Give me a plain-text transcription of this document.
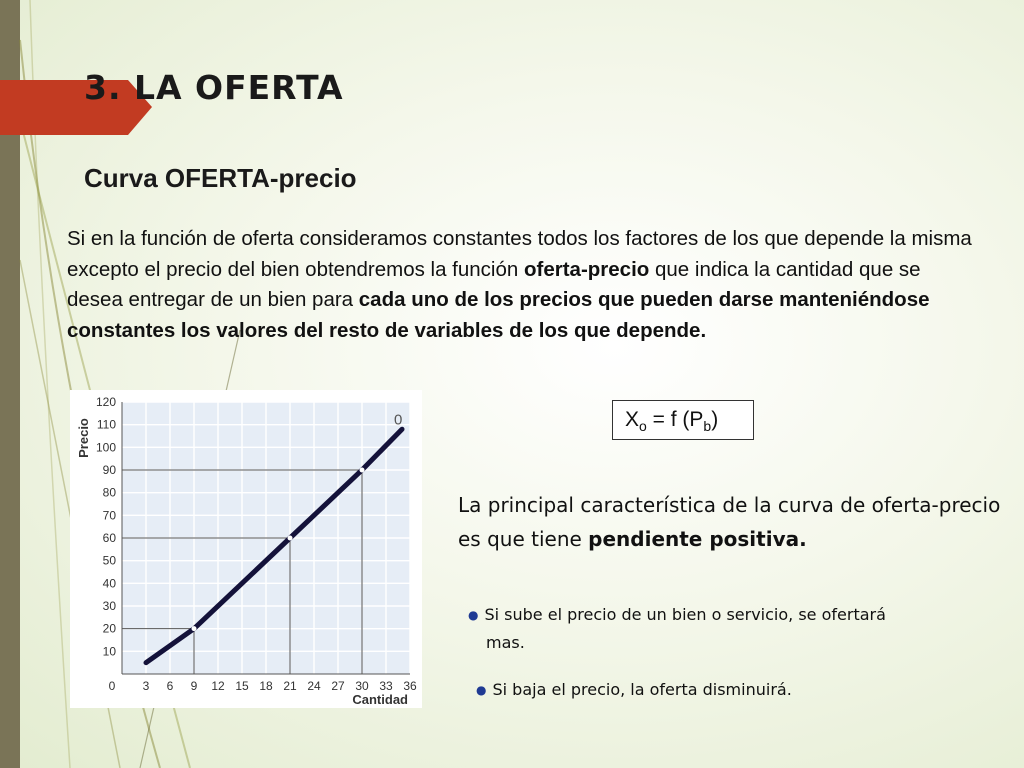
3. LA OFERTA
Curva OFERTA-precio

Si en la función de oferta consideramos constantes todos los factores de los que depende la misma excepto el precio del bien obtendremos la función oferta-precio que indica la cantidad que se desea entregar de un bien para cada uno de los precios que pueden darse manteniéndose constantes los valores del resto de variables de los que depende.

10
20
30
40
50
60
70
80
90
100
110
120
0 3 6 9 12 15 18 21 24 27 30 33 36
0
Precio
Cantidad
$X_o = f$ $(P_b)$

La principal característica de la curva de oferta-precio es que tiene pendiente positiva.

● Si sube el precio de un bien o servicio, se ofertará
mas.
● Si baja el precio, la oferta disminuirá.
